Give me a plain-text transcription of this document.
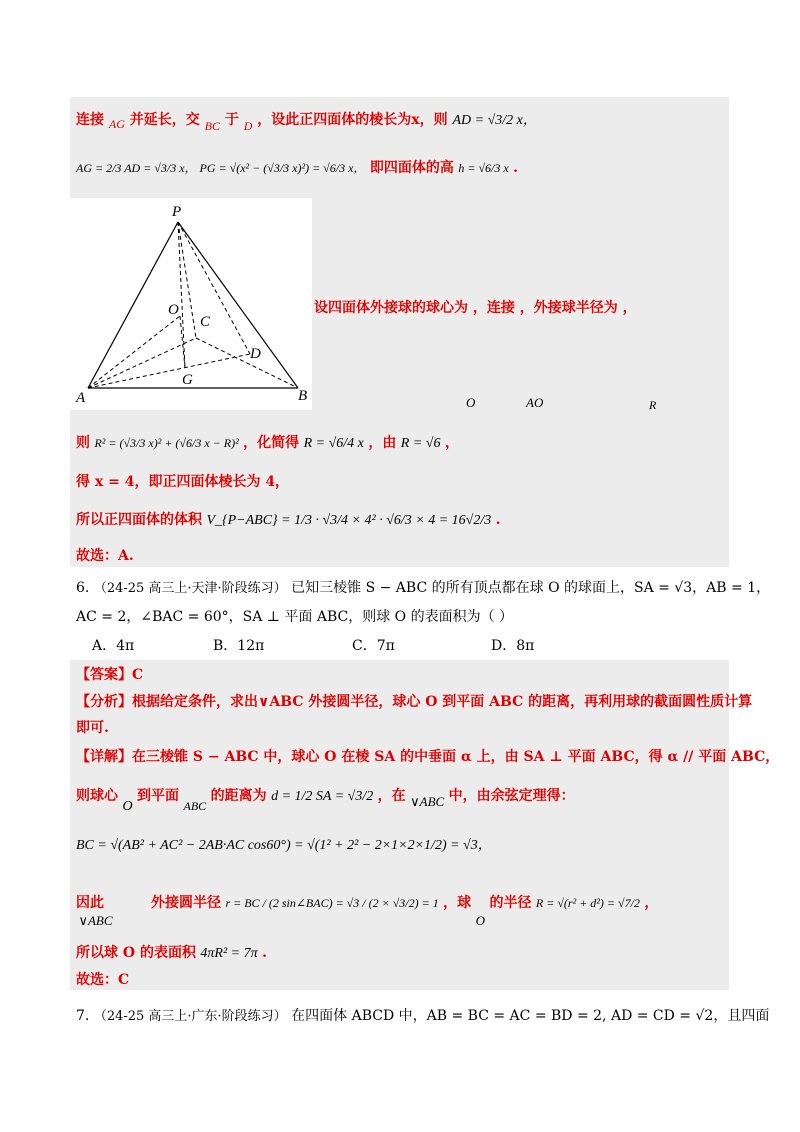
连接 AG 并延长，交 BC 于 D ，设此正四面体的棱长为x，则 AD = √3/2 x，
AG = 2/3 AD = √3/3 x， PG = √(x² − (√3/3 x)²) = √6/3 x， 即四面体的高 h = √6/3 x .
P
O
C
D
G
A	B
设四面体外接球的球心为 ，连接 ，外接球半径为 ，
O	AO	R
则 R² = (√3/3 x)² + (√6/3 x − R)² ，化简得 R = √6/4 x ，由 R = √6 ，
得 x = 4，即正四面体棱长为 4，
所以正四面体的体积 V_{P−ABC} = 1/3 · √3/4 × 4² · √6/3 × 4 = 16√2/3 .
故选：A.
6. （24-25 高三上·天津·阶段练习） 已知三棱锥 S − ABC 的所有顶点都在球 O 的球面上，SA = √3，AB = 1，
AC = 2，∠BAC = 60°，SA ⊥ 平面 ABC，则球 O 的表面积为（ ）
A．4π	B．12π	C．7π	D．8π
【答案】C
【分析】根据给定条件，求出∨ABC 外接圆半径，球心 O 到平面 ABC 的距离，再利用球的截面圆性质计算
即可.
【详解】在三棱锥 S − ABC 中，球心 O 在棱 SA 的中垂面 α 上，由 SA ⊥ 平面 ABC，得 α // 平面 ABC，
则球心 O 到平面 ABC 的距离为 d = 1/2 SA = √3/2 ，在 ∨ABC 中，由余弦定理得：
BC = √(AB² + AC² − 2AB·AC cos60°) = √(1² + 2² − 2×1×2×1/2) = √3，
因此 ∨ABC 外接圆半径 r = BC / (2 sin∠BAC) = √3 / (2 × √3/2) = 1 ，球 O 的半径 R = √(r² + d²) = √7/2 ，
所以球 O 的表面积 4πR² = 7π .
故选：C
7. （24-25 高三上·广东·阶段练习） 在四面体 ABCD 中，AB = BC = AC = BD = 2, AD = CD = √2，且四面
